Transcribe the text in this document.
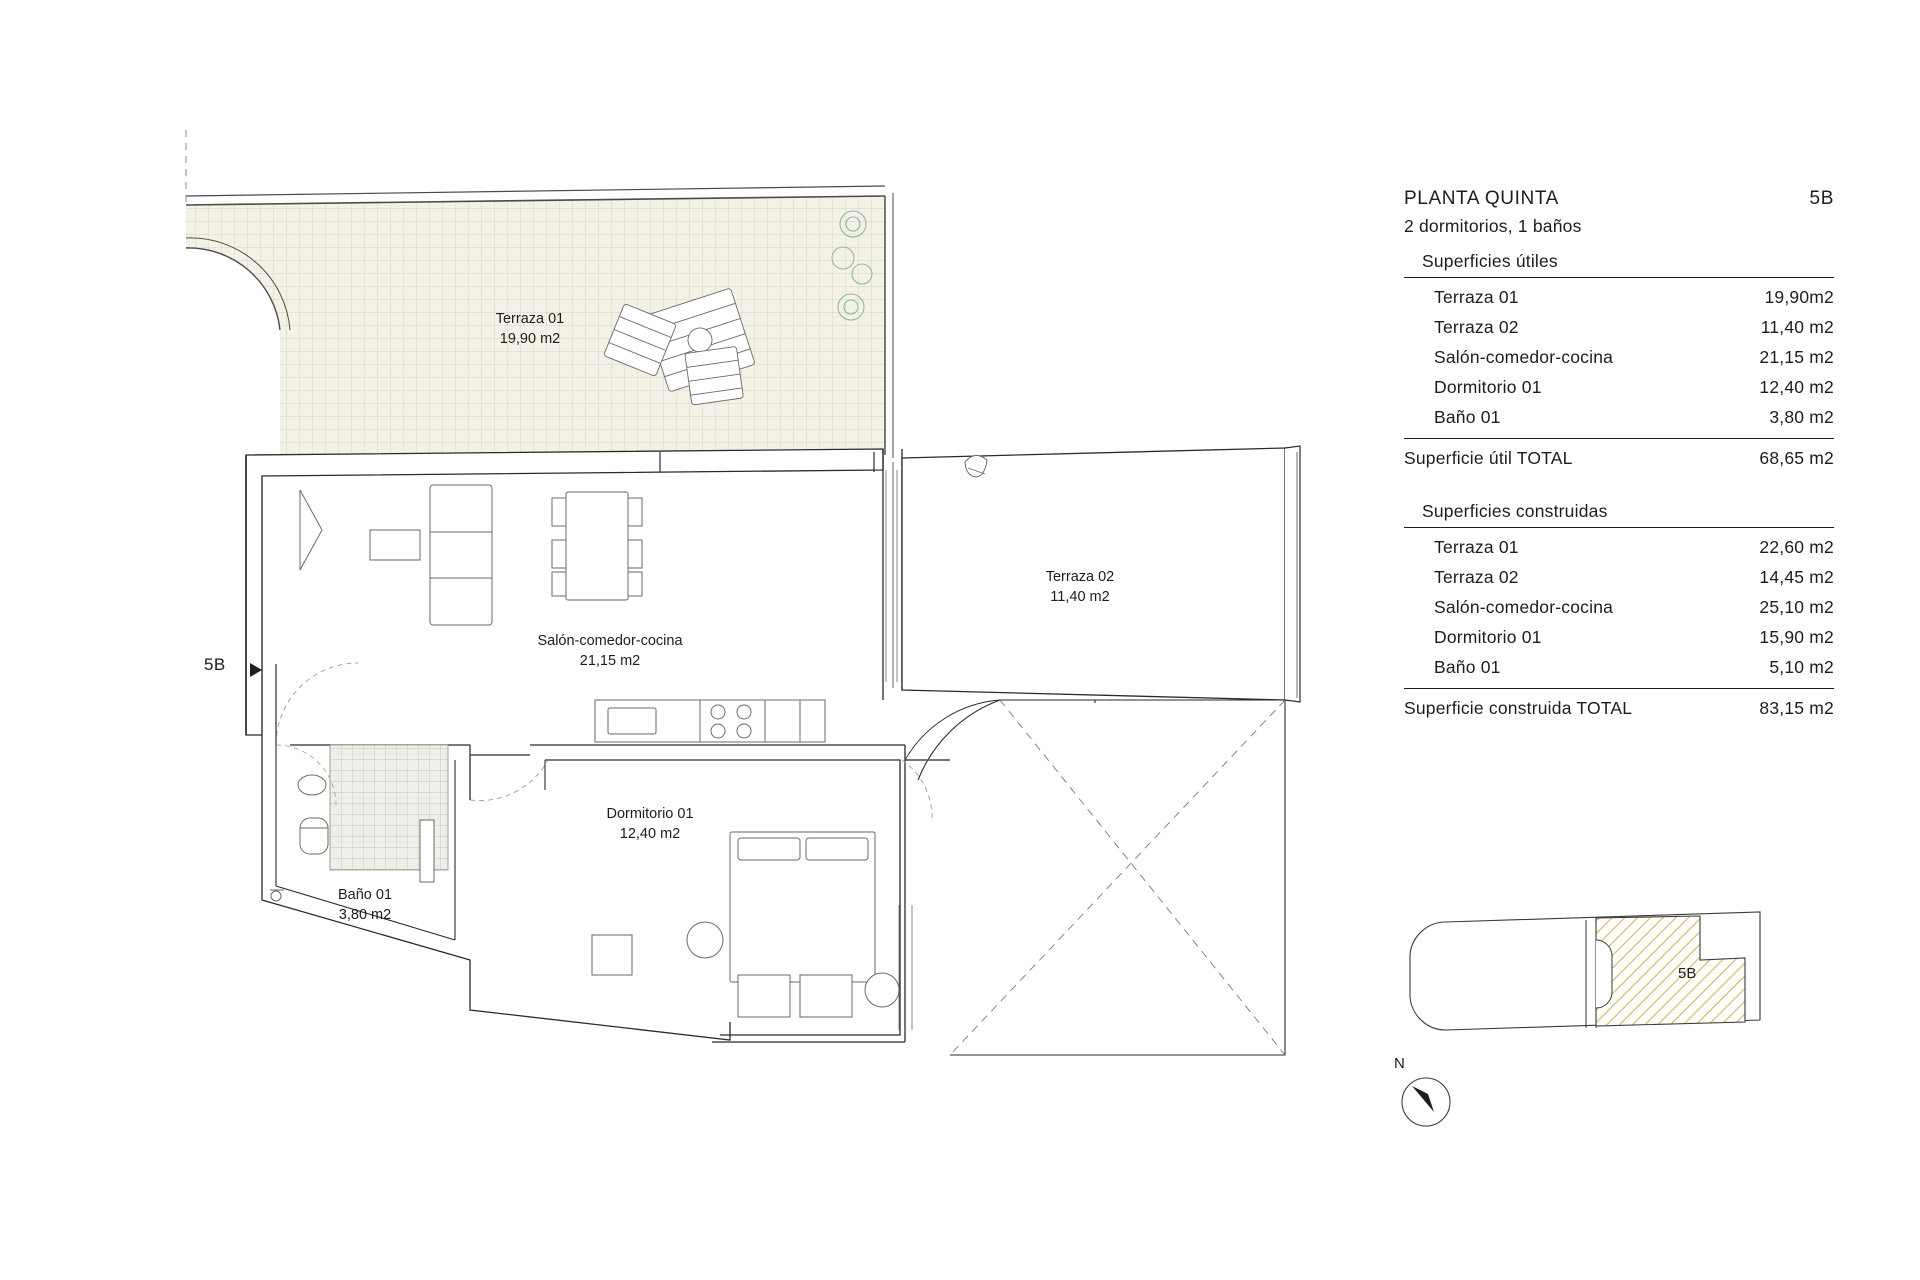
Terraza 01
19,90 m2
Salón-comedor-cocina
21,15 m2
Terraza 02
11,40 m2
Dormitorio 01
12,40 m2
Baño 01
3,80 m2
5B
PLANTA QUINTA	5B
2 dormitorios, 1 baños
Superficies útiles
Terraza 01	19,90m2
Terraza 02	11,40 m2
Salón-comedor-cocina	21,15 m2
Dormitorio 01	12,40 m2
Baño 01	3,80 m2
Superficie útil TOTAL	68,65 m2
Superficies construidas
Terraza 01	22,60 m2
Terraza 02	14,45 m2
Salón-comedor-cocina	25,10 m2
Dormitorio 01	15,90 m2
Baño 01	5,10 m2
Superficie construida TOTAL	83,15 m2
5B
N
